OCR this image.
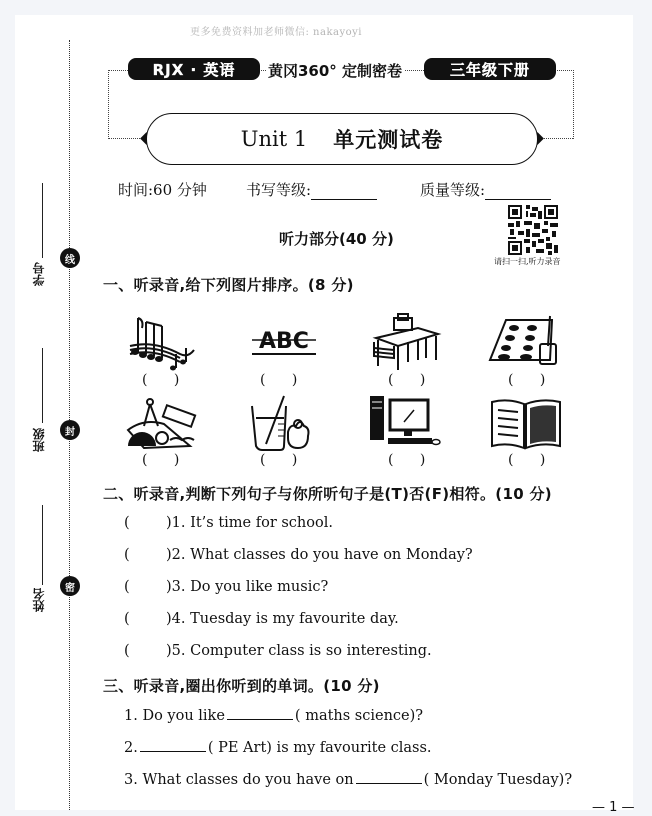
更多免费资料加老师微信: nakayoyi
线
封
密
学号
班级
姓名
RJX · 英语	黄冈360° 定制密卷	三年级下册
Unit 1 单元测试卷
时间:60 分钟	书写等级:	质量等级:
请扫一扫,听力录音
听力部分(40 分)
一、听录音,给下列图片排序。(8 分)
ABC
( )	( )	( )	( )
( )	( )	( )	( )
二、听录音,判断下列句子与你所听句子是(T)否(F)相符。(10 分)
(	)1. It’s time for school.
(	)2. What classes do you have on Monday?
(	)3. Do you like music?
(	)4. Tuesday is my favourite day.
(	)5. Computer class is so interesting.
三、听录音,圈出你听到的单词。(10 分)
1. Do you like	( maths science)?
2.	( PE Art) is my favourite class.
3. What classes do you have on	( Monday Tuesday)?
— 1 —
